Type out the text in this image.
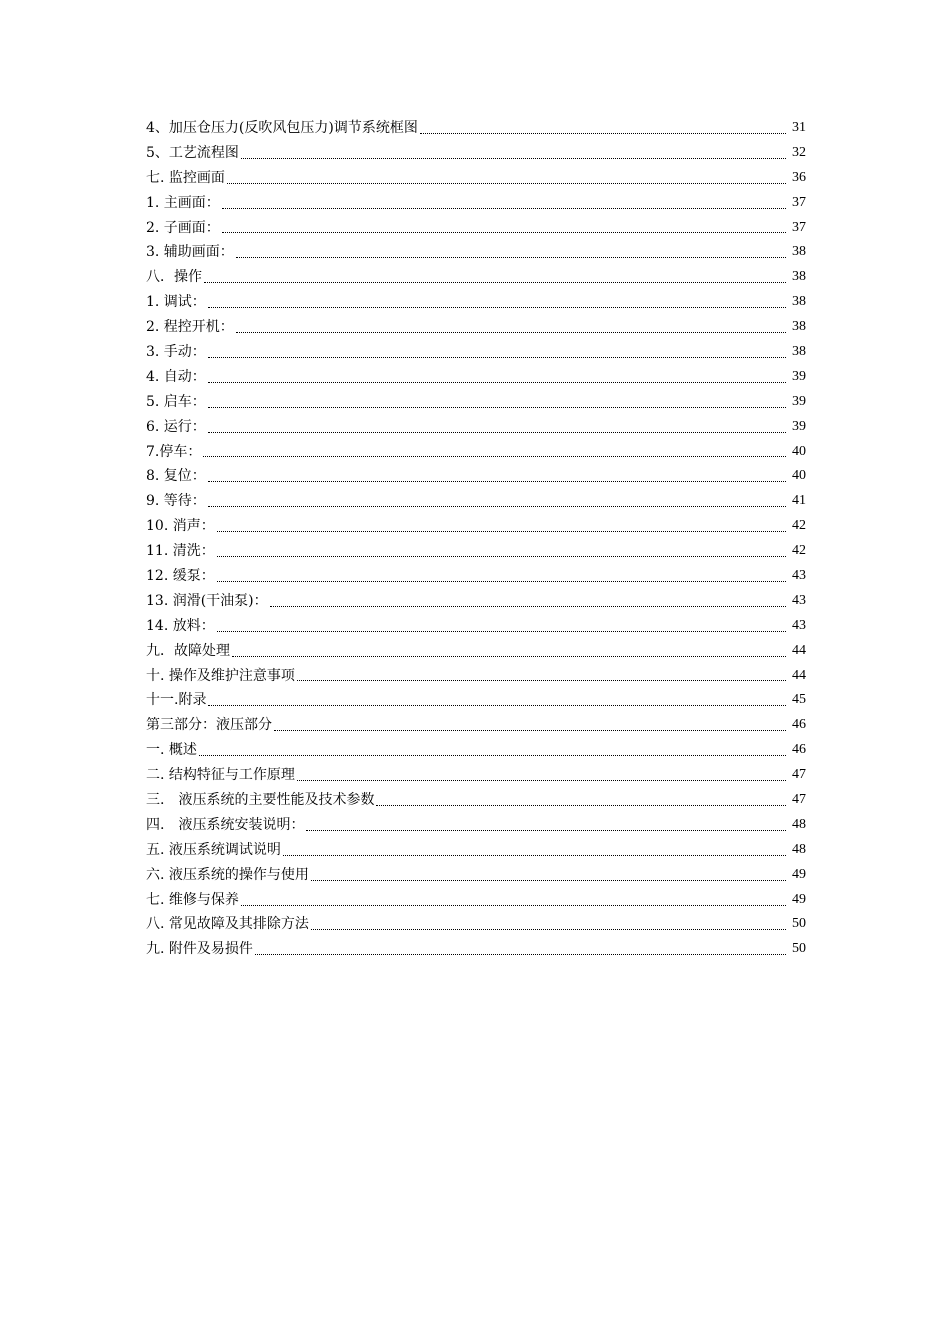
4、加压仓压力(反吹风包压力)调节系统框图	31
5、工艺流程图	32
七. 监控画面	36
1. 主画面：	37
2. 子画面：	37
3. 辅助画面：	38
八．操作	38
1. 调试：	38
2. 程控开机：	38
3. 手动：	38
4. 自动：	39
5. 启车：	39
6. 运行：	39
7.停车：	40
8. 复位：	40
9. 等待：	41
10. 消声：	42
11. 清洗：	42
12. 缓泵：	43
13. 润滑(干油泵)：	43
14. 放料：	43
九．故障处理	44
十. 操作及维护注意事项	44
十一.附录	45
第三部分：液压部分	46
一. 概述	46
二. 结构特征与工作原理	47
三.　液压系统的主要性能及技术参数	47
四.　液压系统安装说明：	48
五. 液压系统调试说明	48
六. 液压系统的操作与使用	49
七. 维修与保养	49
八. 常见故障及其排除方法	50
九. 附件及易损件	50
